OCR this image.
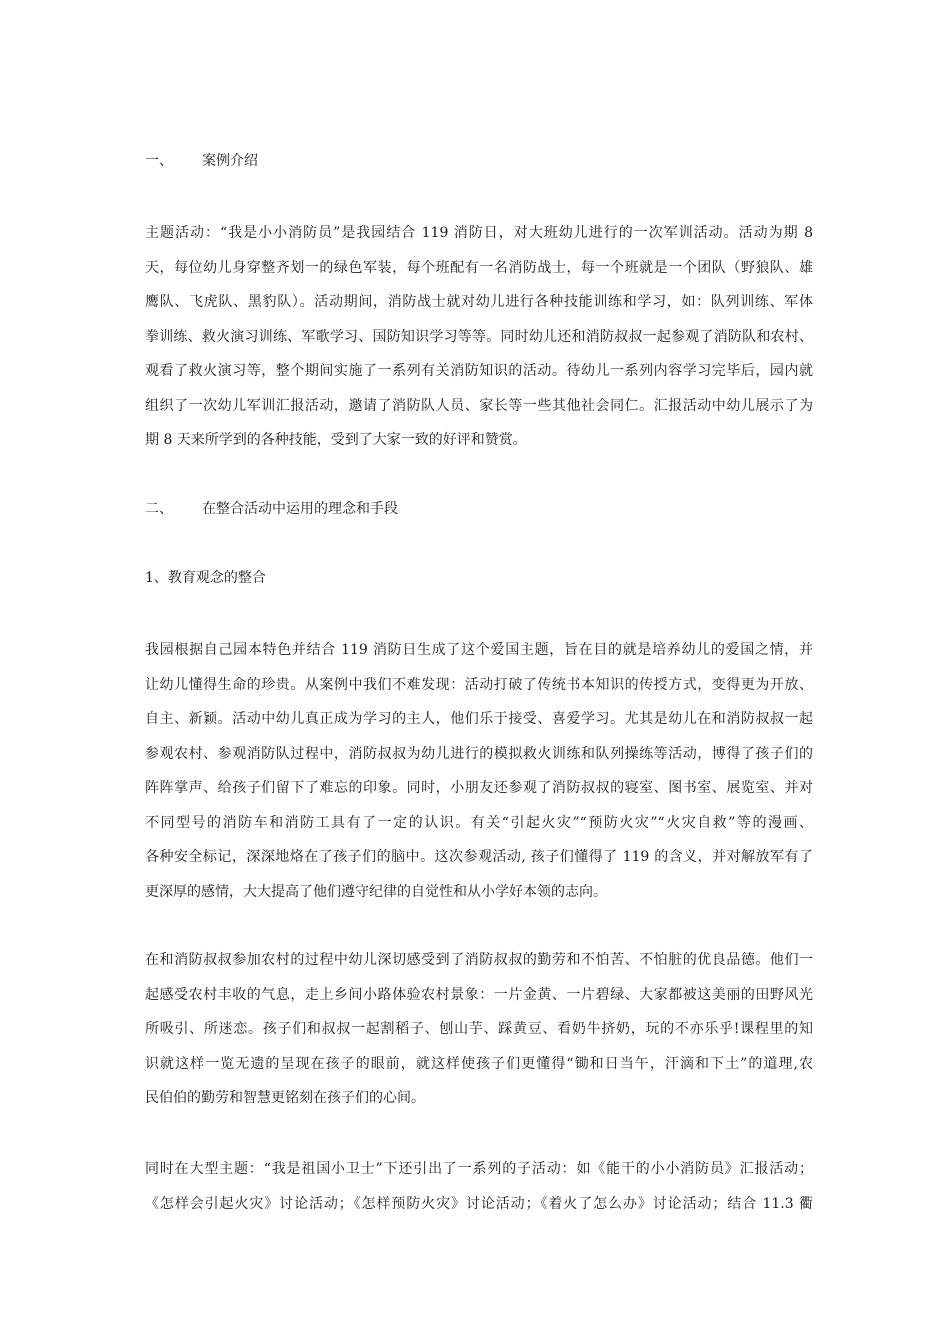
一、 案例介绍
主题活动：“我是小小消防员”是我园结合 119 消防日，对大班幼儿进行的一次军训活动。活动为期 8
天，每位幼儿身穿整齐划一的绿色军装，每个班配有一名消防战士，每一个班就是一个团队（野狼队、雄
鹰队、飞虎队、黑豹队）。活动期间，消防战士就对幼儿进行各种技能训练和学习，如：队列训练、军体
拳训练、救火演习训练、军歌学习、国防知识学习等等。同时幼儿还和消防叔叔一起参观了消防队和农村、
观看了救火演习等，整个期间实施了一系列有关消防知识的活动。待幼儿一系列内容学习完毕后，园内就
组织了一次幼儿军训汇报活动，邀请了消防队人员、家长等一些其他社会同仁。汇报活动中幼儿展示了为
期 8 天来所学到的各种技能，受到了大家一致的好评和赞赏。
二、 在整合活动中运用的理念和手段
1、教育观念的整合
我园根据自己园本特色并结合 119 消防日生成了这个爱国主题，旨在目的就是培养幼儿的爱国之情，并
让幼儿懂得生命的珍贵。从案例中我们不难发现：活动打破了传统书本知识的传授方式，变得更为开放、
自主、新颖。活动中幼儿真正成为学习的主人，他们乐于接受、喜爱学习。尤其是幼儿在和消防叔叔一起
参观农村、参观消防队过程中，消防叔叔为幼儿进行的模拟救火训练和队列操练等活动，博得了孩子们的
阵阵掌声、给孩子们留下了难忘的印象。同时，小朋友还参观了消防叔叔的寝室、图书室、展览室、并对
不同型号的消防车和消防工具有了一定的认识。有关“引起火灾”“预防火灾”“火灾自救”等的漫画、
各种安全标记，深深地烙在了孩子们的脑中。这次参观活动, 孩子们懂得了 119 的含义，并对解放军有了
更深厚的感情，大大提高了他们遵守纪律的自觉性和从小学好本领的志向。
在和消防叔叔参加农村的过程中幼儿深切感受到了消防叔叔的勤劳和不怕苦、不怕脏的优良品德。他们一
起感受农村丰收的气息，走上乡间小路体验农村景象：一片金黄、一片碧绿、大家都被这美丽的田野风光
所吸引、所迷恋。孩子们和叔叔一起割稻子、刨山芋、踩黄豆、看奶牛挤奶，玩的不亦乐乎!课程里的知
识就这样一览无遗的呈现在孩子的眼前，就这样使孩子们更懂得“锄和日当午，汗滴和下土”的道理,农
民伯伯的勤劳和智慧更铭刻在孩子们的心间。
同时在大型主题：“我是祖国小卫士”下还引出了一系列的子活动：如《能干的小小消防员》汇报活动；
《怎样会引起火灾》讨论活动；《怎样预防火灾》讨论活动；《着火了怎么办》讨论活动；结合 11.3 衢
